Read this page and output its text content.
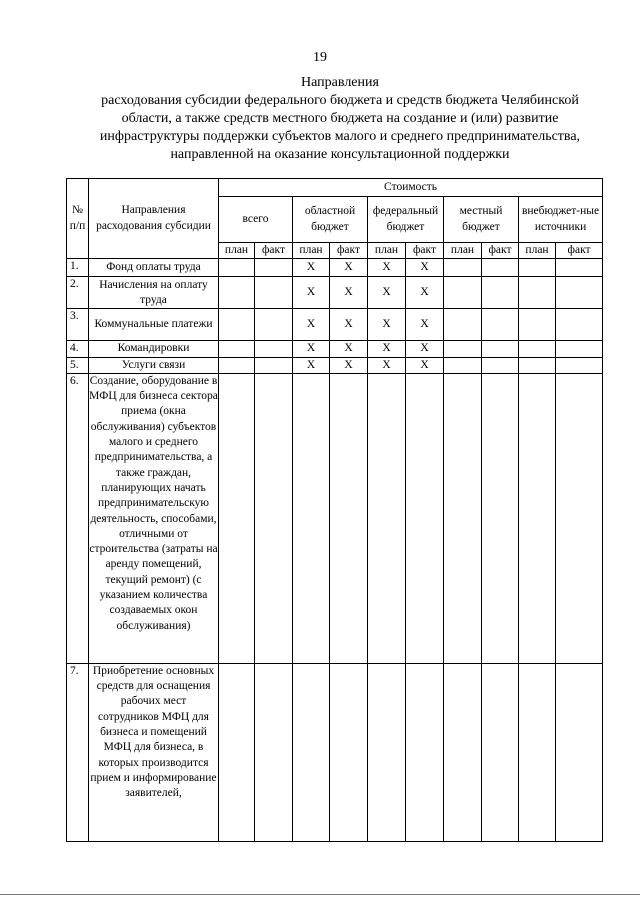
19
Направления
расходования субсидии федерального бюджета и средств бюджета Челябинской
области, а также средств местного бюджета на создание и (или) развитие
инфраструктуры поддержки субъектов малого и среднего предпринимательства,
направленной на оказание консультационной поддержки
№ п/п	Направления расходования субсидии	Стоимость									
		всего		областной бюджет		федеральный бюджет		местный бюджет		внебюджет-ные источники	
		план	факт	план	факт	план	факт	план	факт	план	факт
1.	Фонд оплаты труда			X	X	X	X				
2.	Начисления на оплату труда			X	X	X	X				
3.	Коммунальные платежи			X	X	X	X				
4.	Командировки			X	X	X	X				
5.	Услуги связи			X	X	X	X				
6.	Создание, оборудование в МФЦ для бизнеса сектора приема (окна обслуживания) субъектов малого и среднего предпринимательства, а также граждан, планирующих начать предпринимательскую деятельность, способами, отличными от строительства (затраты на аренду помещений, текущий ремонт) (с указанием количества создаваемых окон обслуживания)										
7.	Приобретение основных средств для оснащения рабочих мест сотрудников МФЦ для бизнеса и помещений МФЦ для бизнеса, в которых производится прием и информирование заявителей,										
